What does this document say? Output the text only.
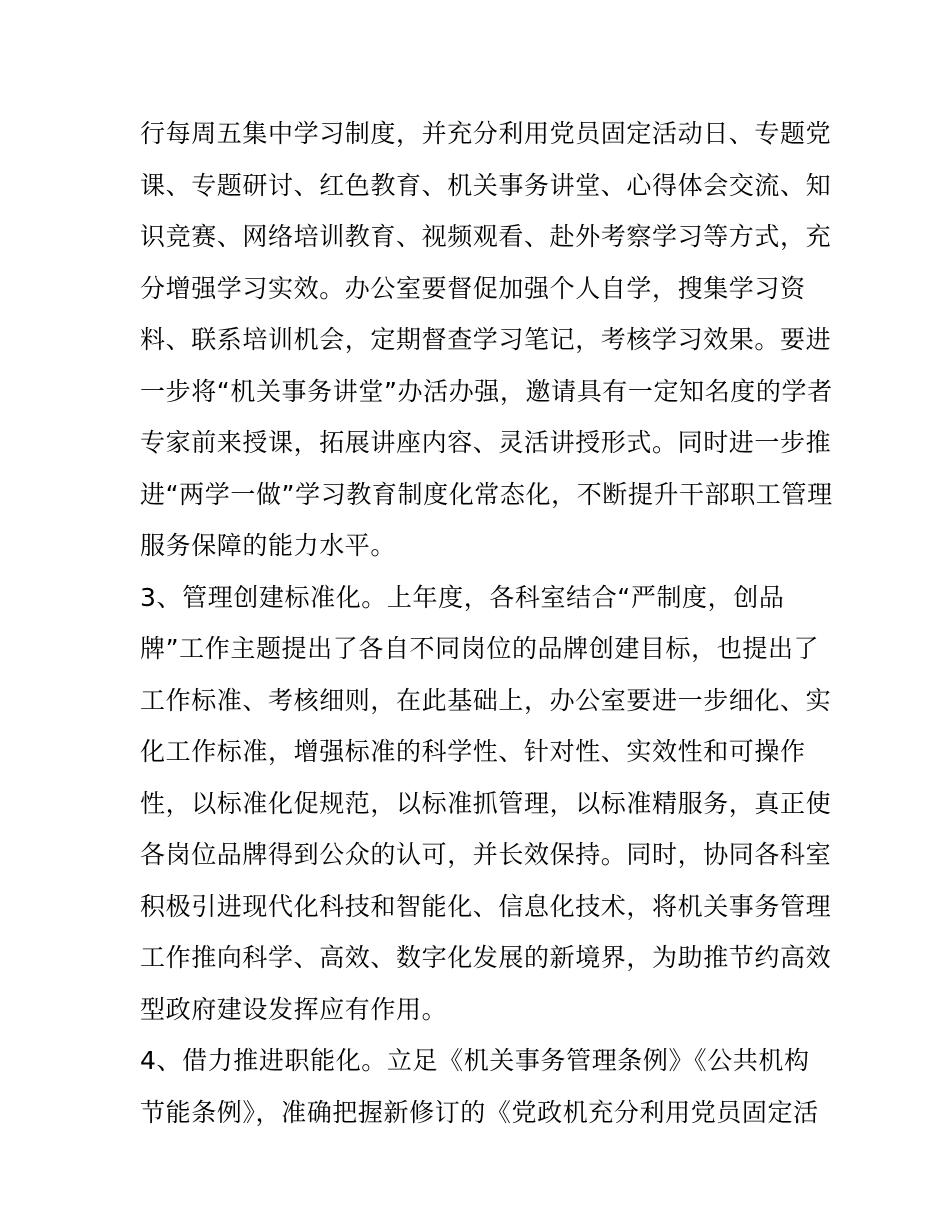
行每周五集中学习制度，并充分利用党员固定活动日、专题党
课、专题研讨、红色教育、机关事务讲堂、心得体会交流、知
识竞赛、网络培训教育、视频观看、赴外考察学习等方式，充
分增强学习实效。办公室要督促加强个人自学，搜集学习资
料、联系培训机会，定期督查学习笔记，考核学习效果。要进
一步将“机关事务讲堂”办活办强，邀请具有一定知名度的学者
专家前来授课，拓展讲座内容、灵活讲授形式。同时进一步推
进“两学一做”学习教育制度化常态化，不断提升干部职工管理
服务保障的能力水平。
3、管理创建标准化。上年度，各科室结合“严制度，创品
牌”工作主题提出了各自不同岗位的品牌创建目标，也提出了
工作标准、考核细则，在此基础上，办公室要进一步细化、实
化工作标准，增强标准的科学性、针对性、实效性和可操作
性，以标准化促规范，以标准抓管理，以标准精服务，真正使
各岗位品牌得到公众的认可，并长效保持。同时，协同各科室
积极引进现代化科技和智能化、信息化技术，将机关事务管理
工作推向科学、高效、数字化发展的新境界，为助推节约高效
型政府建设发挥应有作用。
4、借力推进职能化。立足《机关事务管理条例》《公共机构
节能条例》，准确把握新修订的《党政机充分利用党员固定活
